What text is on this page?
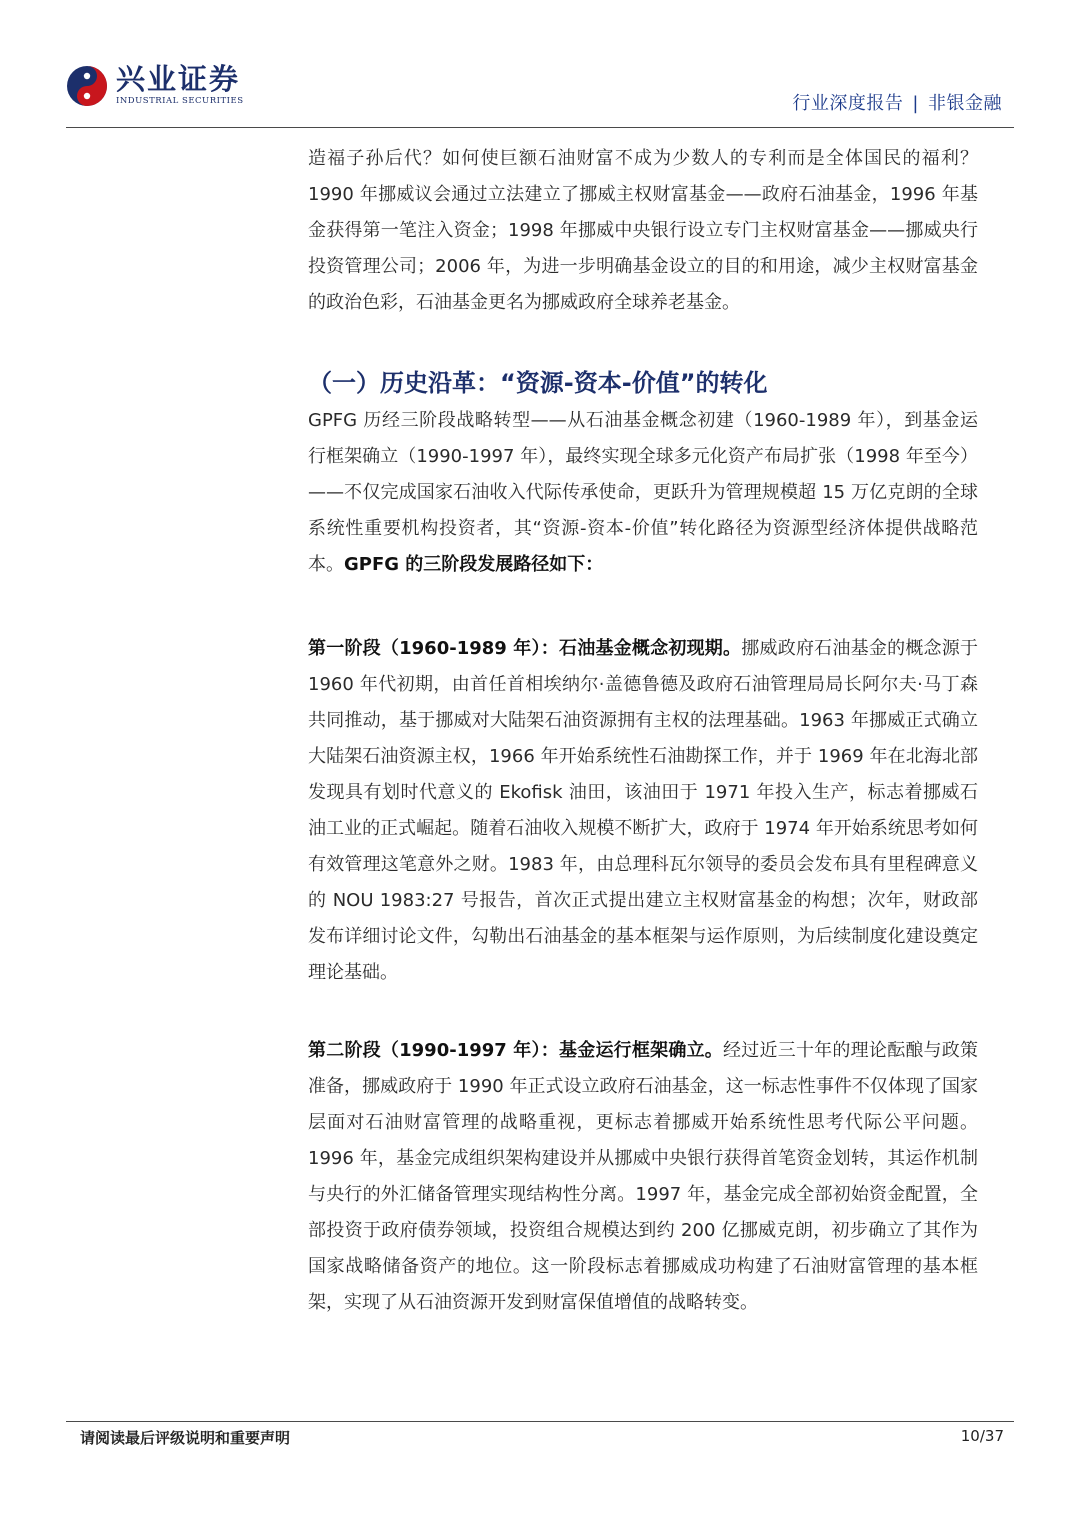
兴业证券
INDUSTRIAL SECURITIES	行业深度报告 | 非银金融

造福子孙后代？如何使巨额石油财富不成为少数人的专利而是全体国民的福利？1990 年挪威议会通过立法建立了挪威主权财富基金——政府石油基金，1996 年基金获得第一笔注入资金；1998 年挪威中央银行设立专门主权财富基金——挪威央行投资管理公司；2006 年，为进一步明确基金设立的目的和用途，减少主权财富基金的政治色彩，石油基金更名为挪威政府全球养老基金。

（一）历史沿革：“资源-资本-价值”的转化

GPFG 历经三阶段战略转型——从石油基金概念初建（1960-1989 年），到基金运行框架确立（1990-1997 年），最终实现全球多元化资产布局扩张（1998 年至今）——不仅完成国家石油收入代际传承使命，更跃升为管理规模超 15 万亿克朗的全球系统性重要机构投资者，其“资源-资本-价值”转化路径为资源型经济体提供战略范本。GPFG 的三阶段发展路径如下：

第一阶段（1960-1989 年）：石油基金概念初现期。挪威政府石油基金的概念源于 1960 年代初期，由首任首相埃纳尔·盖德鲁德及政府石油管理局局长阿尔夫·马丁森共同推动，基于挪威对大陆架石油资源拥有主权的法理基础。1963 年挪威正式确立大陆架石油资源主权，1966 年开始系统性石油勘探工作，并于 1969 年在北海北部发现具有划时代意义的 Ekofisk 油田，该油田于 1971 年投入生产，标志着挪威石油工业的正式崛起。随着石油收入规模不断扩大，政府于 1974 年开始系统思考如何有效管理这笔意外之财。1983 年，由总理科瓦尔领导的委员会发布具有里程碑意义的 NOU 1983:27 号报告，首次正式提出建立主权财富基金的构想；次年，财政部发布详细讨论文件，勾勒出石油基金的基本框架与运作原则，为后续制度化建设奠定理论基础。

第二阶段（1990-1997 年）：基金运行框架确立。经过近三十年的理论酝酿与政策准备，挪威政府于 1990 年正式设立政府石油基金，这一标志性事件不仅体现了国家层面对石油财富管理的战略重视，更标志着挪威开始系统性思考代际公平问题。1996 年，基金完成组织架构建设并从挪威中央银行获得首笔资金划转，其运作机制与央行的外汇储备管理实现结构性分离。1997 年，基金完成全部初始资金配置，全部投资于政府债券领域，投资组合规模达到约 200 亿挪威克朗，初步确立了其作为国家战略储备资产的地位。这一阶段标志着挪威成功构建了石油财富管理的基本框架，实现了从石油资源开发到财富保值增值的战略转变。

请阅读最后评级说明和重要声明	10/37
